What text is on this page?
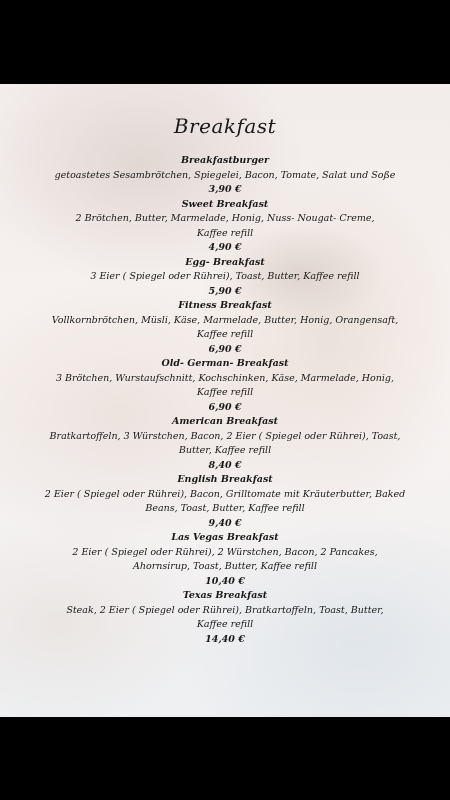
Breakfast
Breakfastburger
getoastetes Sesambrötchen, Spiegelei, Bacon, Tomate, Salat und Soße
3,90 €
Sweet Breakfast
2 Brötchen, Butter, Marmelade, Honig, Nuss- Nougat- Creme, Kaffee refill
4,90 €
Egg- Breakfast
3 Eier ( Spiegel oder Rührei), Toast, Butter, Kaffee refill
5,90 €
Fitness Breakfast
Vollkornbrötchen, Müsli, Käse, Marmelade, Butter, Honig, Orangensaft, Kaffee refill
6,90 €
Old- German- Breakfast
3 Brötchen, Wurstaufschnitt, Kochschinken, Käse, Marmelade, Honig, Kaffee refill
6,90 €
American Breakfast
Bratkartoffeln, 3 Würstchen, Bacon, 2 Eier ( Spiegel oder Rührei), Toast, Butter, Kaffee refill
8,40 €
English Breakfast
2 Eier ( Spiegel oder Rührei), Bacon, Grilltomate mit Kräuterbutter, Baked Beans, Toast, Butter, Kaffee refill
9,40 €
Las Vegas Breakfast
2 Eier ( Spiegel oder Rührei), 2 Würstchen, Bacon, 2 Pancakes, Ahornsirup, Toast, Butter, Kaffee refill
10,40 €
Texas Breakfast
Steak, 2 Eier ( Spiegel oder Rührei), Bratkartoffeln, Toast, Butter, Kaffee refill
14,40 €
